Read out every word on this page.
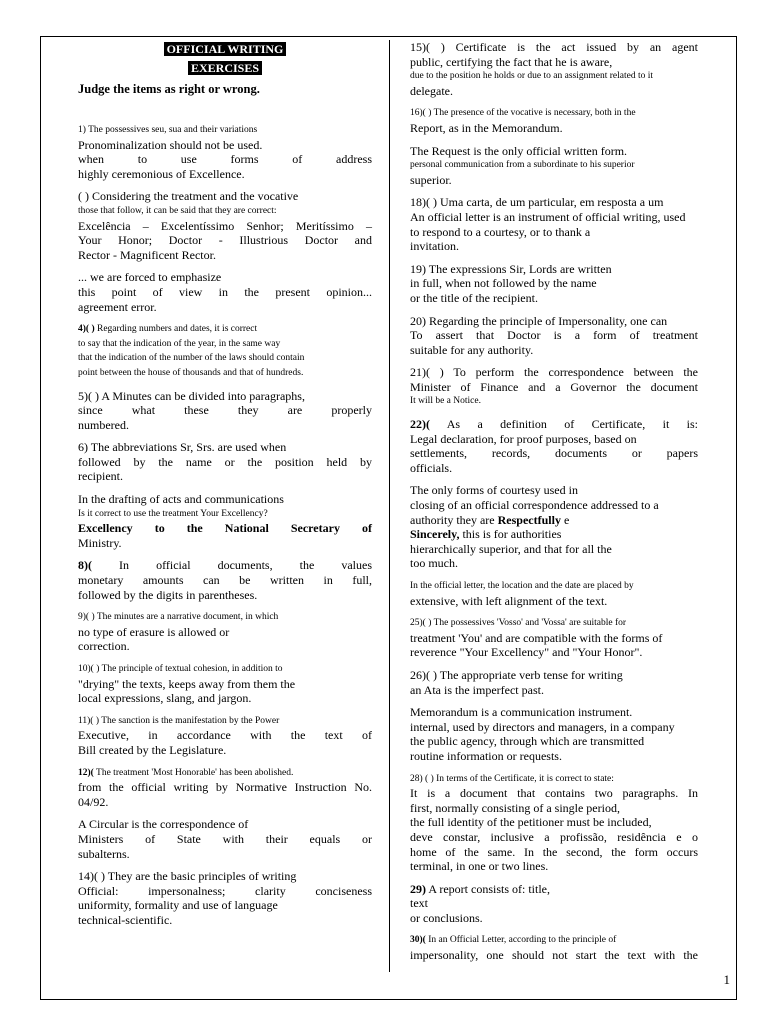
OFFICIAL WRITING
EXERCISES
Judge the items as right or wrong.
1) The possessives seu, sua and their variations
Pronominalization should not be used.
when to use forms of address
highly ceremonious of Excellence.
( ) Considering the treatment and the vocative
those that follow, it can be said that they are correct:
Excelência – Excelentíssimo Senhor; Meritíssimo –
Your Honor; Doctor - Illustrious Doctor and
Rector - Magnificent Rector.
... we are forced to emphasize
this point of view in the present opinion...
agreement error.
4)( ) Regarding numbers and dates, it is correct
to say that the indication of the year, in the same way
that the indication of the number of the laws should contain
point between the house of thousands and that of hundreds.
5)( ) A Minutes can be divided into paragraphs,
since what these they are properly
numbered.
6) The abbreviations Sr, Srs. are used when
followed by the name or the position held by
recipient.
In the drafting of acts and communications
Is it correct to use the treatment Your Excellency?
Excellency to the National Secretary of
Ministry.
8)( In official documents, the values
monetary amounts can be written in full,
followed by the digits in parentheses.
9)( ) The minutes are a narrative document, in which
no type of erasure is allowed or
correction.
10)( ) The principle of textual cohesion, in addition to
"drying" the texts, keeps away from them the
local expressions, slang, and jargon.
11)( ) The sanction is the manifestation by the Power
Executive, in accordance with the text of
Bill created by the Legislature.
12)( The treatment 'Most Honorable' has been abolished.
from the official writing by Normative Instruction No.
04/92.
A Circular is the correspondence of
Ministers of State with their equals or
subalterns.
14)( ) They are the basic principles of writing
Official: impersonalness; clarity conciseness
uniformity, formality and use of language
technical-scientific.
15)( ) Certificate is the act issued by an agent
public, certifying the fact that he is aware,
due to the position he holds or due to an assignment related to it
delegate.
16)( ) The presence of the vocative is necessary, both in the
Report, as in the Memorandum.
The Request is the only official written form.
personal communication from a subordinate to his superior
superior.
18)( ) Uma carta, de um particular, em resposta a um
An official letter is an instrument of official writing, used
to respond to a courtesy, or to thank a
invitation.
19) The expressions Sir, Lords are written
in full, when not followed by the name
or the title of the recipient.
20) Regarding the principle of Impersonality, one can
To assert that Doctor is a form of treatment
suitable for any authority.
21)( ) To perform the correspondence between the
Minister of Finance and a Governor the document
It will be a Notice.
22)( As a definition of Certificate, it is:
Legal declaration, for proof purposes, based on
settlements, records, documents or papers
officials.
The only forms of courtesy used in
closing of an official correspondence addressed to a
authority they are Respectfully e
Sincerely, this is for authorities
hierarchically superior, and that for all the
too much.
In the official letter, the location and the date are placed by
extensive, with left alignment of the text.
25)( ) The possessives 'Vosso' and 'Vossa' are suitable for
treatment 'You' and are compatible with the forms of
reverence "Your Excellency" and "Your Honor".
26)( ) The appropriate verb tense for writing
an Ata is the imperfect past.
Memorandum is a communication instrument.
internal, used by directors and managers, in a company
the public agency, through which are transmitted
routine information or requests.
28) ( ) In terms of the Certificate, it is correct to state:
It is a document that contains two paragraphs. In
first, normally consisting of a single period,
the full identity of the petitioner must be included,
deve constar, inclusive a profissão, residência e o
home of the same. In the second, the form occurs
terminal, in one or two lines.
29) A report consists of: title,
text
or conclusions.
30)( In an Official Letter, according to the principle of
impersonality, one should not start the text with the
1
